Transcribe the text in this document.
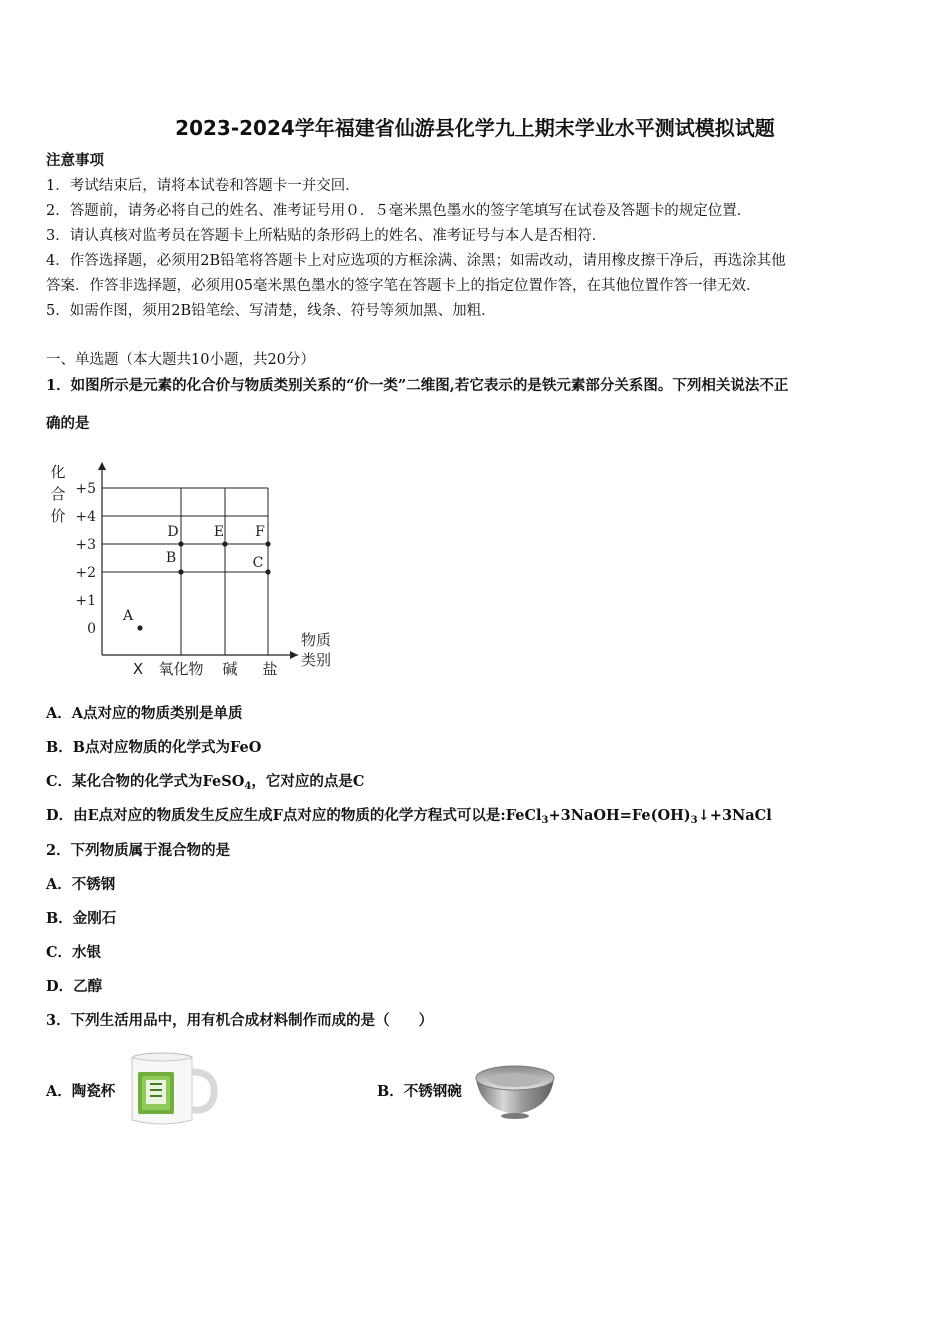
2023-2024学年福建省仙游县化学九上期末学业水平测试模拟试题
注意事项
1．考试结束后，请将本试卷和答题卡一并交回．
2．答题前，请务必将自己的姓名、准考证号用０．５毫米黑色墨水的签字笔填写在试卷及答题卡的规定位置．
3．请认真核对监考员在答题卡上所粘贴的条形码上的姓名、准考证号与本人是否相符．
4．作答选择题，必须用2B铅笔将答题卡上对应选项的方框涂满、涂黑；如需改动，请用橡皮擦干净后，再选涂其他
答案．作答非选择题，必须用05毫米黑色墨水的签字笔在答题卡上的指定位置作答，在其他位置作答一律无效．
5．如需作图，须用2B铅笔绘、写清楚，线条、符号等须加黑、加粗．
一、单选题（本大题共10小题，共20分）
1．如图所示是元素的化合价与物质类别关系的“价一类”二维图,若它表示的是铁元素部分关系图。下列相关说法不正
确的是
0
+1
+2
+3
+4
+5
X 氧化物 碱 盐
化
合
价
物质
类别
A
B	C
D	E F
A．A点对应的物质类别是单质
B．B点对应物质的化学式为FeO
C．某化合物的化学式为FeSO$_4$，它对应的点是C
D．由E点对应的物质发生反应生成F点对应的物质的化学方程式可以是$:FeCl_3+3NaOH=Fe(OH)_3↓+3NaCl$
2．下列物质属于混合物的是
A．不锈钢
B．金刚石
C．水银
D．乙醇
3．下列生活用品中，用有机合成材料制作而成的是（　　）
A．陶瓷杯	B．不锈钢碗
